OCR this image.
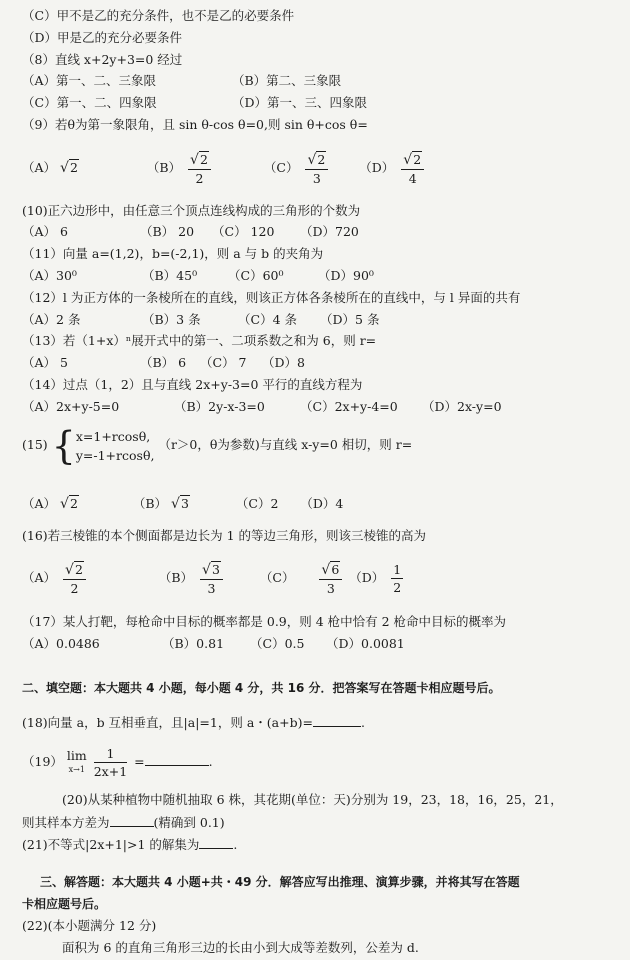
（C）甲不是乙的充分条件，也不是乙的必要条件
（D）甲是乙的充分必要条件
（8）直线 x+2y+3=0 经过
（A）第一、二、三象限	（B）第二、三象限
（C）第一、二、四象限	（D）第一、三、四象限
（9）若θ为第一象限角，且 sin θ-cos θ=0,则 sin θ+cos θ=
（A） √2	$(B) \frac{√2}{2}$	$(C) \frac{√2}{3} (D) \frac{√2}{4}$
(10)正六边形中，由任意三个顶点连线构成的三角形的个数为
（A） 6	（B） 20 （C） 120 （D）720
（11）向量 a=(1,2)，b=(-2,1)，则 a 与 b 的夹角为
（A）30⁰	（B）45⁰ （C）60⁰	（D）90⁰
（12）l 为正方体的一条棱所在的直线，则该正方体各条棱所在的直线中，与 l 异面的共有
（A）2 条	（B）3 条	（C）4 条 （D）5 条
（13）若（1+x）ⁿ展开式中的第一、二项系数之和为 6，则 r=
（A） 5	（B） 6 （C） 7 （D）8
（14）过点（1，2）且与直线 2x+y-3=0 平行的直线方程为
（A）2x+y-5=0	（B）2y-x-3=0	（C）2x+y-4=0 （D）2x-y=0
(15) { x=1+rcosθ,
y=-1+rcosθ,
（r＞0，θ为参数)与直线 x-y=0 相切，则 r=
（A） √2	（B） √3	（C）2 （D）4
(16)若三棱锥的本个侧面都是边长为 1 的等边三角形，则该三棱锥的高为
$(A) \frac{√2}{2}$	$(B) \frac{√3}{3}$	$(C) \frac{√6}{3} (D) \frac{1}{2}$
（17）某人打靶，每枪命中目标的概率都是 0.9，则 4 枪中恰有 2 枪命中目标的概率为
（A）0.0486	（B）0.81 （C）0.5 （D）0.0081
二、填空题：本大题共 4 小题，每小题 4 分，共 16 分．把答案写在答题卡相应题号后。
(18)向量 a，b 互相垂直，且|a|=1，则 a・(a+b)=	.
（19） lim
x→1
$\frac{1}{2x+1}$ =	.
(20)从某种植物中随机抽取 6 株，其花期(单位：天)分别为 19，23，18，16，25，21，
则其样本方差为	(精确到 0.1)
(21)不等式|2x+1|>1 的解集为	.
三、解答题：本大题共 4 小题+共・49 分．解答应写出推理、演算步骤，并将其写在答题
卡相应题号后。
(22)(本小题满分 12 分)
面积为 6 的直角三角形三边的长由小到大成等差数列，公差为 d.
